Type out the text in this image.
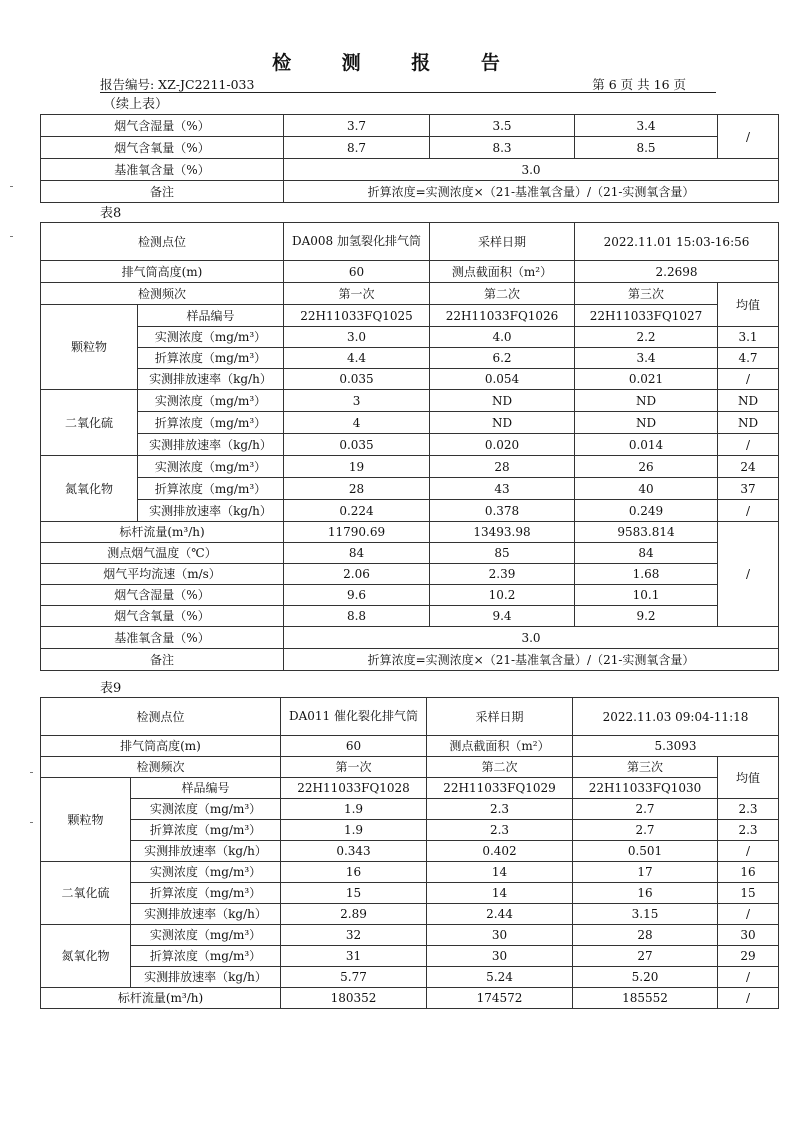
检 测 报 告
报告编号: XZ-JC2211-033	第 6 页 共 16 页
（续上表）
烟气含湿量（%）	3.7	3.5	3.4	/
烟气含氧量（%）	8.7	8.3	8.5	
基准氧含量（%）	3.0			
备注	折算浓度=实测浓度×（21-基准氧含量）/（21-实测氧含量）			
表8
检测点位		DA008 加氢裂化排气筒	采样日期	2022.11.01 15:03-16:56	
排气筒高度(m)		60	测点截面积（m²）	2.2698	
检测频次		第一次	第二次	第三次	均值
颗粒物	样品编号	22H11033FQ1025	22H11033FQ1026	22H11033FQ1027	
	实测浓度（mg/m³）	3.0	4.0	2.2	3.1
	折算浓度（mg/m³）	4.4	6.2	3.4	4.7
	实测排放速率（kg/h）	0.035	0.054	0.021	/
二氧化硫	实测浓度（mg/m³）	3	ND	ND	ND
	折算浓度（mg/m³）	4	ND	ND	ND
	实测排放速率（kg/h）	0.035	0.020	0.014	/
氮氧化物	实测浓度（mg/m³）	19	28	26	24
	折算浓度（mg/m³）	28	43	40	37
	实测排放速率（kg/h）	0.224	0.378	0.249	/
标杆流量(m³/h)		11790.69	13493.98	9583.814	/
测点烟气温度（℃）		84	85	84	
烟气平均流速（m/s）		2.06	2.39	1.68	
烟气含湿量（%）		9.6	10.2	10.1	
烟气含氧量（%）		8.8	9.4	9.2	
基准氧含量（%）		3.0			
备注		折算浓度=实测浓度×（21-基准氧含量）/（21-实测氧含量）			
表9
检测点位		DA011 催化裂化排气筒	采样日期	2022.11.03 09:04-11:18	
排气筒高度(m)		60	测点截面积（m²）	5.3093	
检测频次		第一次	第二次	第三次	均值
颗粒物	样品编号	22H11033FQ1028	22H11033FQ1029	22H11033FQ1030	
	实测浓度（mg/m³）	1.9	2.3	2.7	2.3
	折算浓度（mg/m³）	1.9	2.3	2.7	2.3
	实测排放速率（kg/h）	0.343	0.402	0.501	/
二氧化硫	实测浓度（mg/m³）	16	14	17	16
	折算浓度（mg/m³）	15	14	16	15
	实测排放速率（kg/h）	2.89	2.44	3.15	/
氮氧化物	实测浓度（mg/m³）	32	30	28	30
	折算浓度（mg/m³）	31	30	27	29
	实测排放速率（kg/h）	5.77	5.24	5.20	/
标杆流量(m³/h)		180352	174572	185552	/
